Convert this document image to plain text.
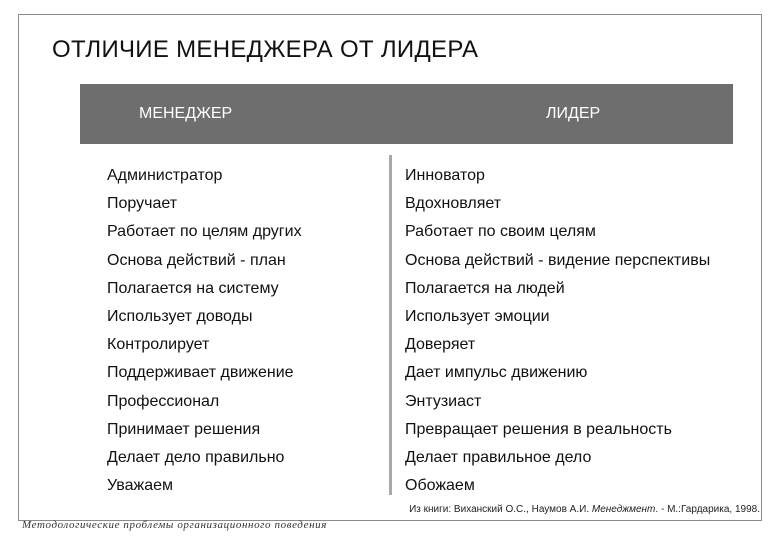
ОТЛИЧИЕ МЕНЕДЖЕРА ОТ ЛИДЕРА
МЕНЕДЖЕР	ЛИДЕР
Администратор
Поручает
Работает по целям других
Основа действий - план
Полагается на систему
Использует доводы
Контролирует
Поддерживает движение
Профессионал
Принимает решения
Делает дело правильно
Уважаем
Инноватор
Вдохновляет
Работает по своим целям
Основа действий - видение перспективы
Полагается на людей
Использует эмоции
Доверяет
Дает импульс движению
Энтузиаст
Превращает решения в реальность
Делает правильное дело
Обожаем
Из книги: Виханский О.С., Наумов А.И. Менеджмент. - М.:Гардарика, 1998.
Методологические проблемы организационного поведения
